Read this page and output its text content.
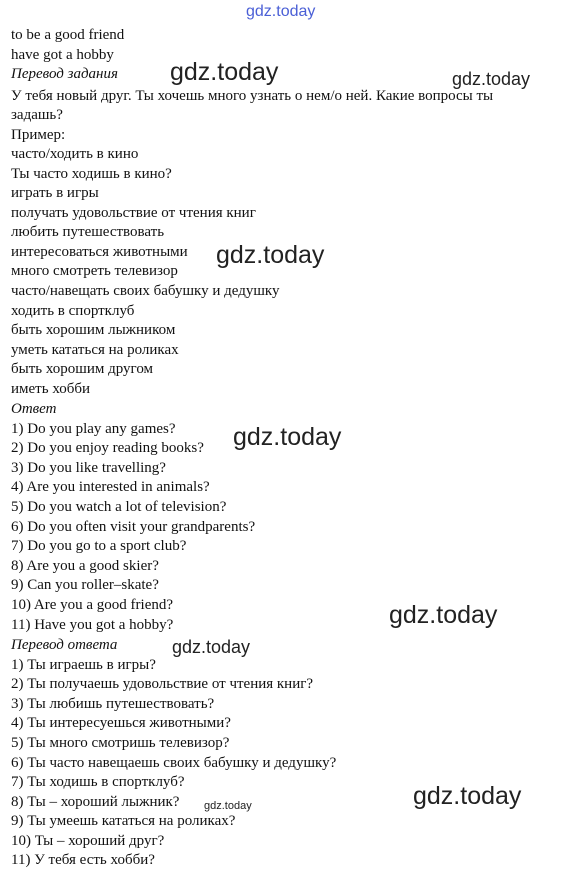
to be a good friend
have got a hobby
Перевод задания
У тебя новый друг. Ты хочешь много узнать о нем/о ней. Какие вопросы ты
задашь?
Пример:
часто/ходить в кино
Ты часто ходишь в кино?
играть в игры
получать удовольствие от чтения книг
любить путешествовать
интересоваться животными
много смотреть телевизор
часто/навещать своих бабушку и дедушку
ходить в спортклуб
быть хорошим лыжником
уметь кататься на роликах
быть хорошим другом
иметь хобби
Ответ
1) Do you play any games?
2) Do you enjoy reading books?
3) Do you like travelling?
4) Are you interested in animals?
5) Do you watch a lot of television?
6) Do you often visit your grandparents?
7) Do you go to a sport club?
8) Are you a good skier?
9) Can you roller–skate?
10) Are you a good friend?
11) Have you got a hobby?
Перевод ответа
1) Ты играешь в игры?
2) Ты получаешь удовольствие от чтения книг?
3) Ты любишь путешествовать?
4) Ты интересуешься животными?
5) Ты много смотришь телевизор?
6) Ты часто навещаешь своих бабушку и дедушку?
7) Ты ходишь в спортклуб?
8) Ты – хороший лыжник?
9) Ты умеешь кататься на роликах?
10) Ты – хороший друг?
11) У тебя есть хобби?
gdz.today
gdz.today	gdz.today
gdz.today
gdz.today
gdz.today
gdz.today
gdz.today
gdz.today
